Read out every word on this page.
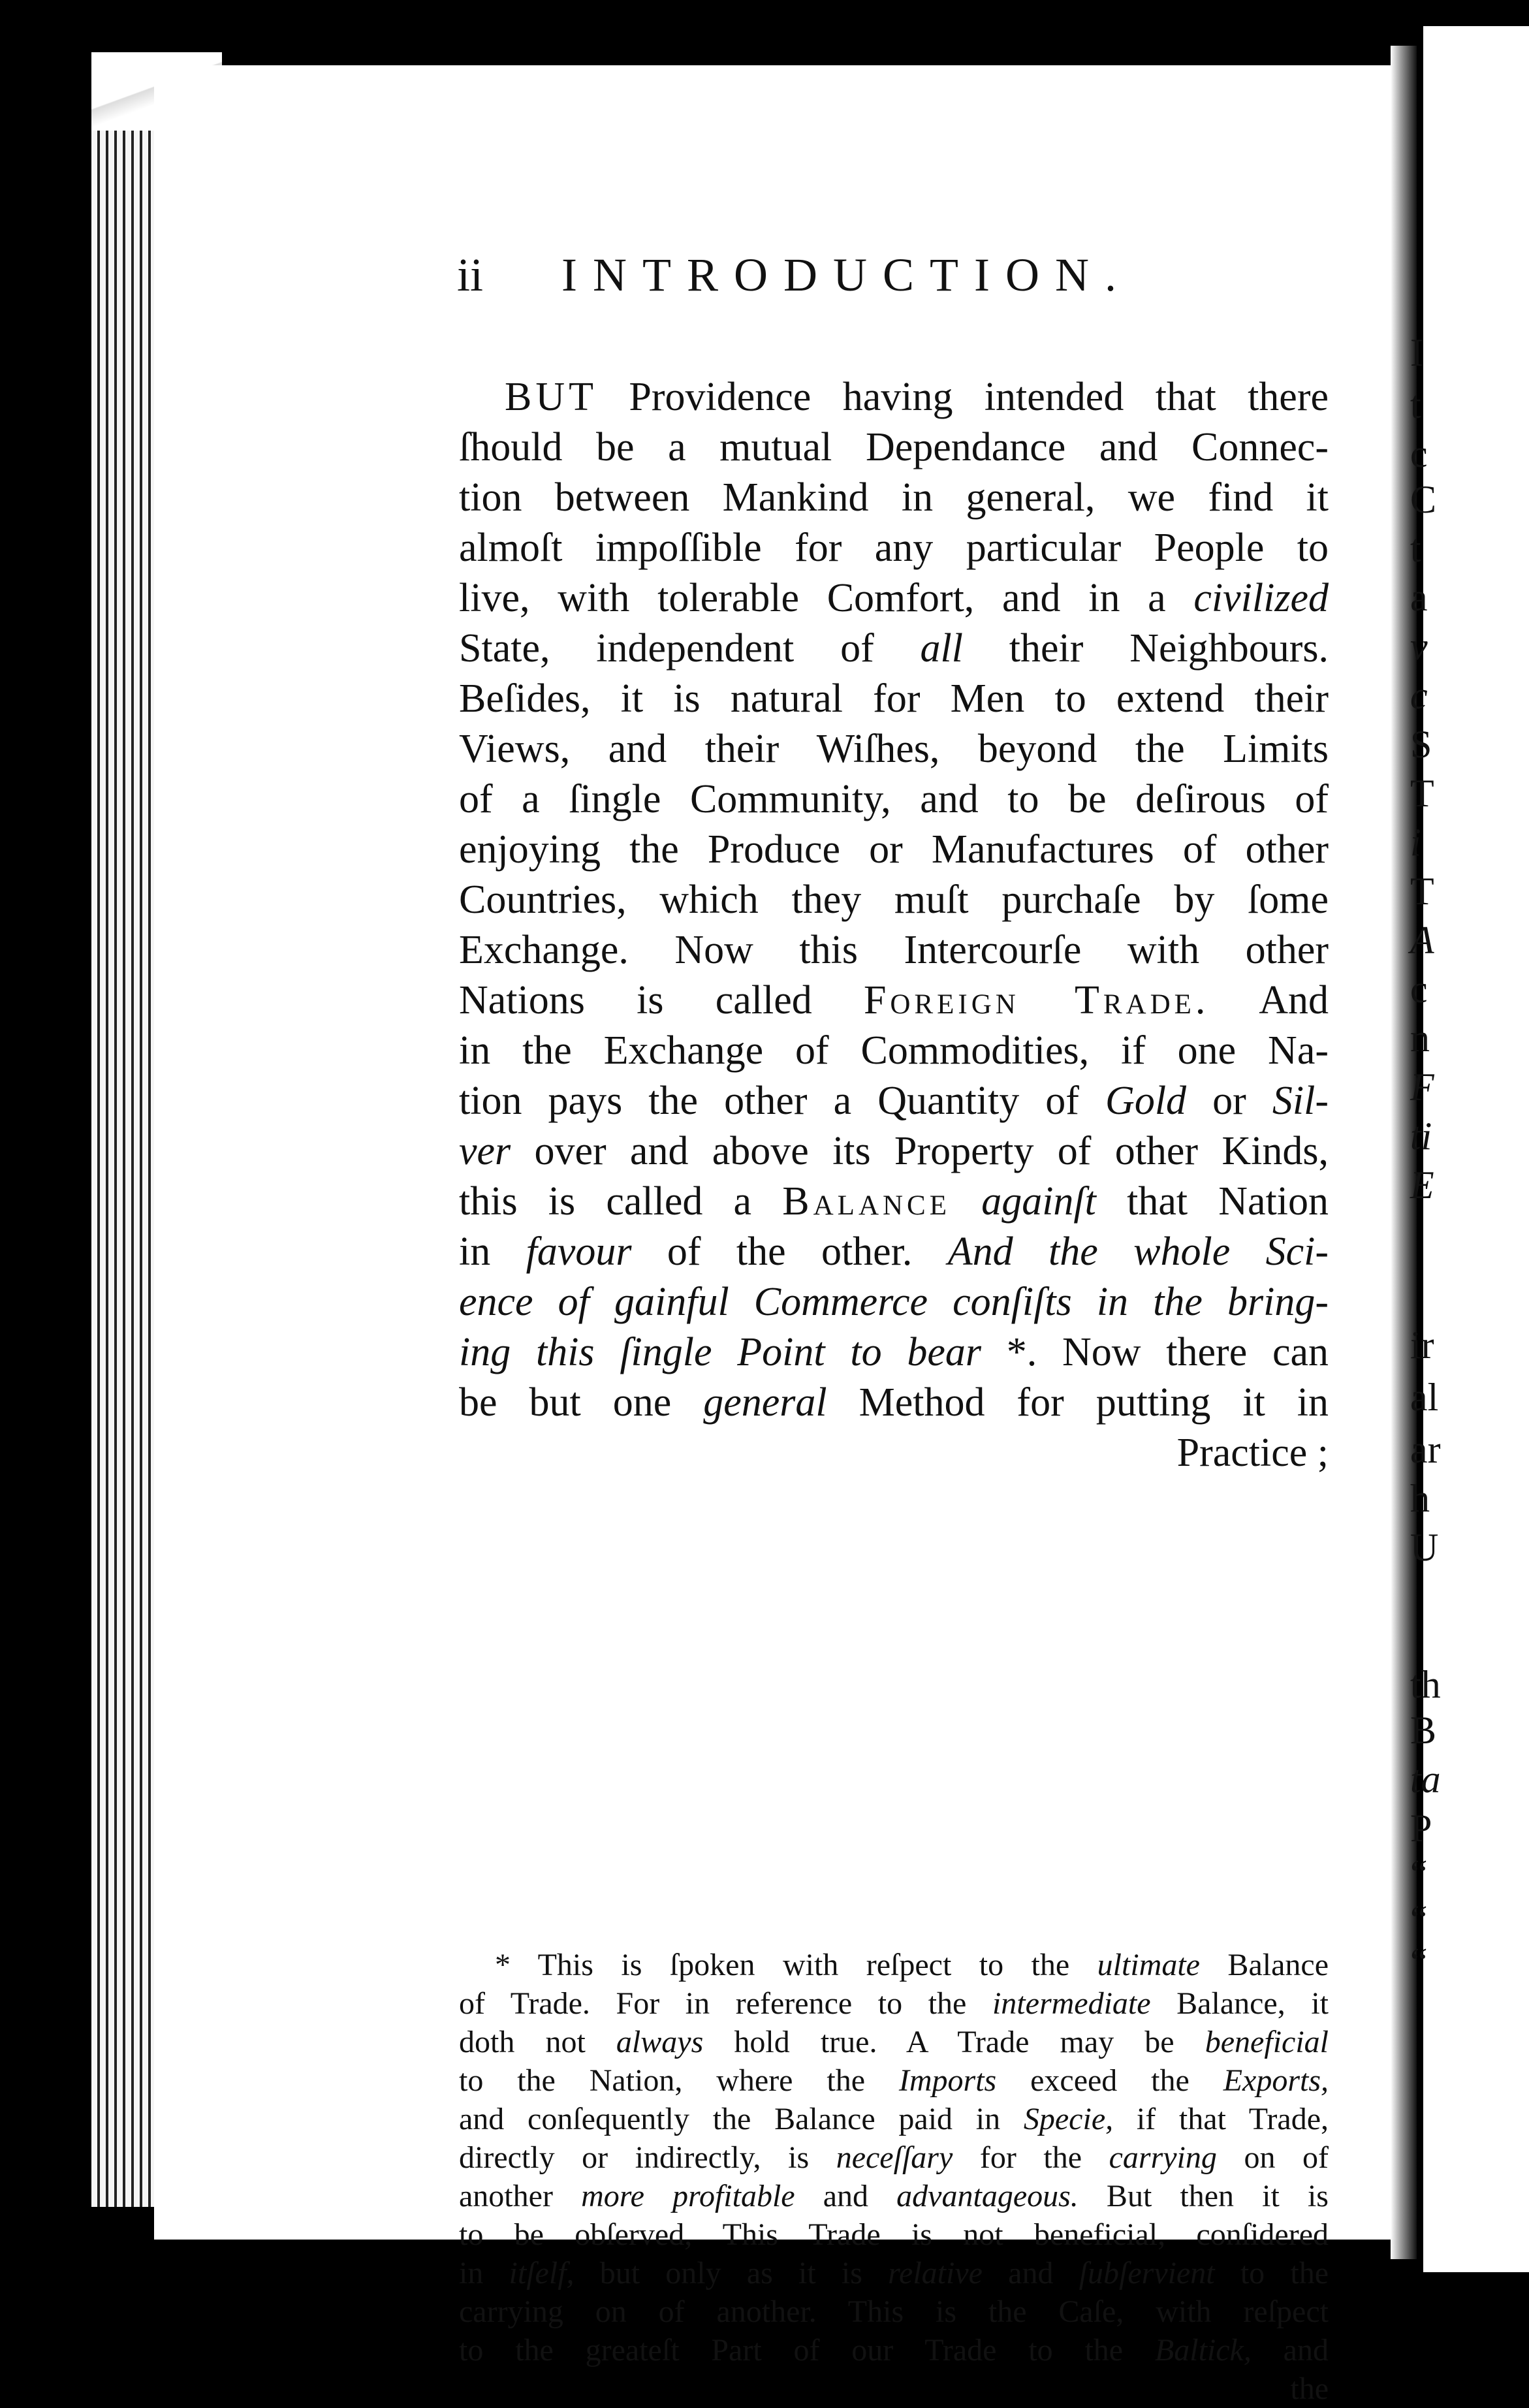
ii INTRODUCTION.
BUT Providence having intended that there
ſhould be a mutual Dependance and Connec-
tion between Mankind in general, we find it
almoſt impoſſible for any particular People to
live, with tolerable Comfort, and in a civilized
State, independent of all their Neighbours.
Beſides, it is natural for Men to extend their
Views, and their Wiſhes, beyond the Limits
of a ſingle Community, and to be deſirous of
enjoying the Produce or Manufactures of other
Countries, which they muſt purchaſe by ſome
Exchange. Now this Intercourſe with other
Nations is called Foreign Trade. And
in the Exchange of Commodities, if one Na-
tion pays the other a Quantity of Gold or Sil-
ver over and above its Property of other Kinds,
this is called a Balance againſt that Nation
in favour of the other. And the whole Sci-
ence of gainful Commerce conſiſts in the bring-
ing this ſingle Point to bear *. Now there can
be but one general Method for putting it in
Practice ;
* This is ſpoken with reſpect to the ultimate Balance
of Trade. For in reference to the intermediate Balance, it
doth not always hold true. A Trade may be beneficial
to the Nation, where the Imports exceed the Exports,
and conſequently the Balance paid in Specie, if that Trade,
directly or indirectly, is neceſſary for the carrying on of
another more profitable and advantageous. But then it is
to be obſerved, This Trade is not beneficial, conſidered
in itſelf, but only as it is relative and ſubſervient to the
carrying on of another. This is the Caſe, with reſpect
to the greateſt Part of our Trade to the Baltick, and
the
I
t
c
C
t
a
v
c
S
T
i
T
A
c
n
F
ti
E
ir
al
ar
h
U
th
B
ta
P
“
“
“
